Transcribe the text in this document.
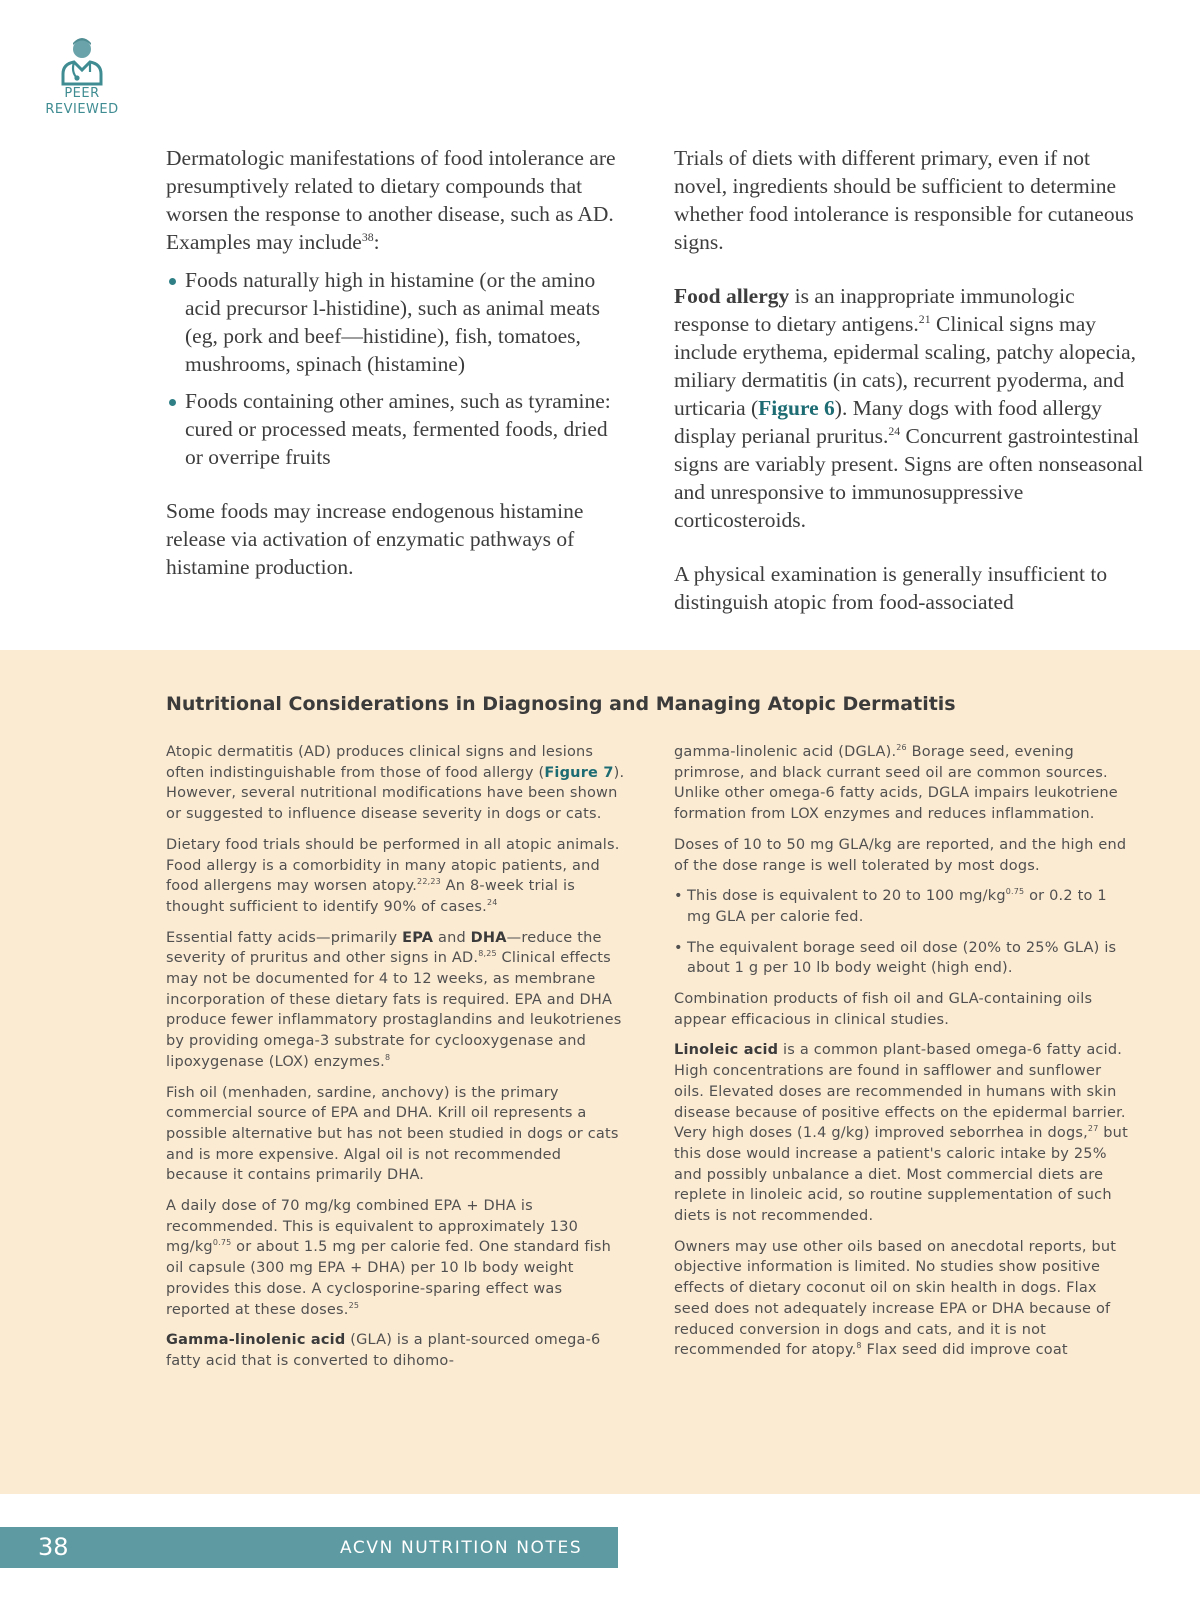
PEER
REVIEWED

Dermatologic manifestations of food intolerance are presumptively related to dietary compounds that worsen the response to another disease, such as AD. Examples may include$^{38}$:

Foods naturally high in histamine (or the amino acid precursor l-histidine), such as animal meats (eg, pork and beef—histidine), fish, tomatoes, mushrooms, spinach (histamine)
Foods containing other amines, such as tyramine: cured or processed meats, fermented foods, dried or overripe fruits

Some foods may increase endogenous histamine release via activation of enzymatic pathways of histamine production.

Trials of diets with different primary, even if not novel, ingredients should be sufficient to determine whether food intolerance is responsible for cutaneous signs.

Food allergy is an inappropriate immunologic response to dietary antigens.$^{21}$ Clinical signs may include erythema, epidermal scaling, patchy alopecia, miliary dermatitis (in cats), recurrent pyoderma, and urticaria (Figure 6). Many dogs with food allergy display perianal pruritus.$^{24}$ Concurrent gastrointestinal signs are variably present. Signs are often nonseasonal and unresponsive to immunosuppressive corticosteroids.

A physical examination is generally insufficient to distinguish atopic from food-associated

Nutritional Considerations in Diagnosing and Managing Atopic Dermatitis

Atopic dermatitis (AD) produces clinical signs and lesions often indistinguishable from those of food allergy (Figure 7). However, several nutritional modifications have been shown or suggested to influence disease severity in dogs or cats.

Dietary food trials should be performed in all atopic animals. Food allergy is a comorbidity in many atopic patients, and food allergens may worsen atopy.$^{22,23}$ An 8-week trial is thought sufficient to identify 90% of cases.$^{24}$

Essential fatty acids—primarily EPA and DHA—reduce the severity of pruritus and other signs in AD.$^{8,25}$ Clinical effects may not be documented for 4 to 12 weeks, as membrane incorporation of these dietary fats is required. EPA and DHA produce fewer inflammatory prostaglandins and leukotrienes by providing omega-3 substrate for cyclooxygenase and lipoxygenase (LOX) enzymes.$^8$

Fish oil (menhaden, sardine, anchovy) is the primary commercial source of EPA and DHA. Krill oil represents a possible alternative but has not been studied in dogs or cats and is more expensive. Algal oil is not recommended because it contains primarily DHA.

A daily dose of 70 mg/kg combined EPA + DHA is recommended. This is equivalent to approximately 130 $mg/kg^{0.75}$ or about 1.5 mg per calorie fed. One standard fish oil capsule (300 mg EPA + DHA) per 10 lb body weight provides this dose. A cyclosporine-sparing effect was reported at these doses.$^{25}$

Gamma-linolenic acid (GLA) is a plant-sourced omega-6 fatty acid that is converted to dihomo-

gamma-linolenic acid (DGLA).$^{26}$ Borage seed, evening primrose, and black currant seed oil are common sources. Unlike other omega-6 fatty acids, DGLA impairs leukotriene formation from LOX enzymes and reduces inflammation.

Doses of 10 to 50 mg GLA/kg are reported, and the high end of the dose range is well tolerated by most dogs.

• This dose is equivalent to 20 to 100 $mg/kg^{0.75}$ or 0.2 to 1 mg GLA per calorie fed.
• The equivalent borage seed oil dose (20% to 25% GLA) is about 1 g per 10 lb body weight (high end).

Combination products of fish oil and GLA-containing oils appear efficacious in clinical studies.

Linoleic acid is a common plant-based omega-6 fatty acid. High concentrations are found in safflower and sunflower oils. Elevated doses are recommended in humans with skin disease because of positive effects on the epidermal barrier. Very high doses (1.4 g/kg) improved seborrhea in dogs,$^{27}$ but this dose would increase a patient's caloric intake by 25% and possibly unbalance a diet. Most commercial diets are replete in linoleic acid, so routine supplementation of such diets is not recommended.

Owners may use other oils based on anecdotal reports, but objective information is limited. No studies show positive effects of dietary coconut oil on skin health in dogs. Flax seed does not adequately increase EPA or DHA because of reduced conversion in dogs and cats, and it is not recommended for atopy.$^8$ Flax seed did improve coat

38	ACVN NUTRITION NOTES
